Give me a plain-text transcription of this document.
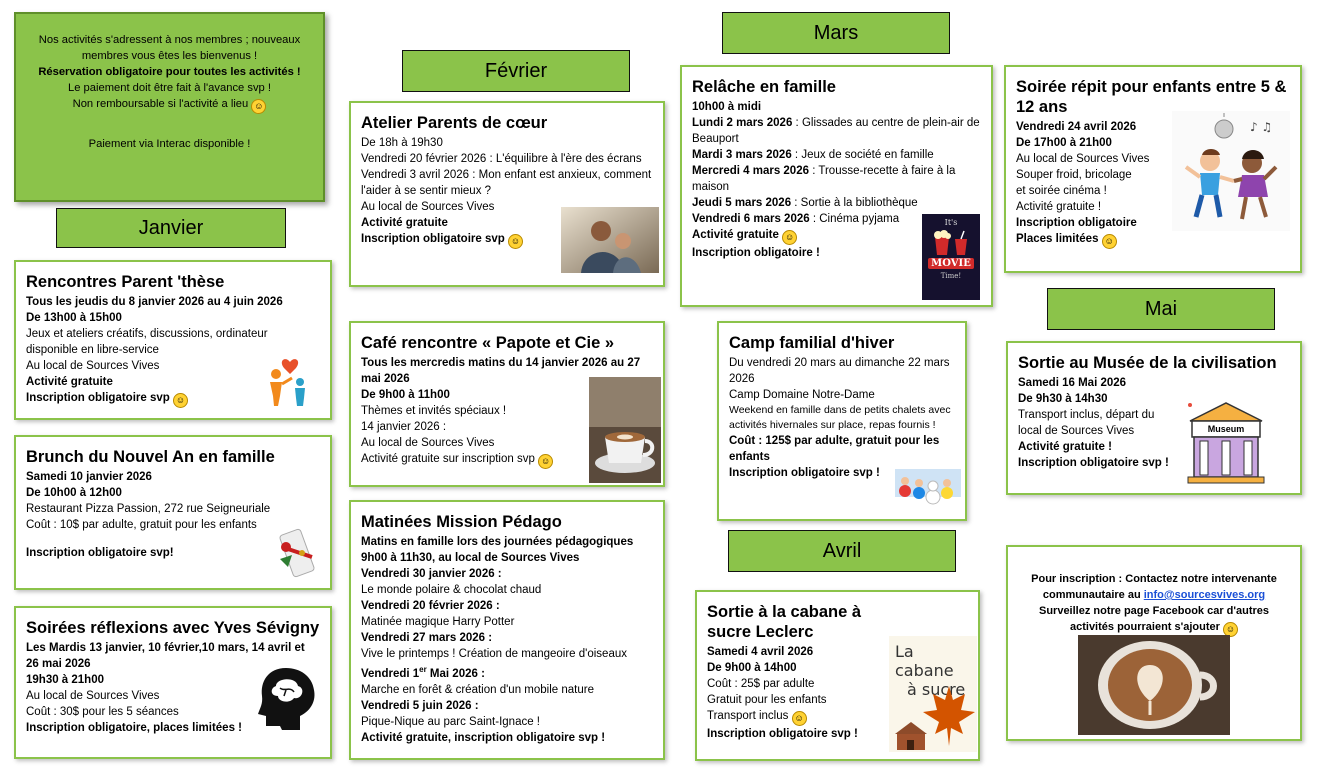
Nos activités s'adressent à nos membres ; nouveaux membres vous êtes les bienvenus !
Réservation obligatoire pour toutes les activités !
Le paiement doit être fait à l'avance svp !
Non remboursable si l'activité a lieu ☺
Paiement via Interac disponible !
Janvier
Février
Mars
Avril
Mai
Rencontres Parent 'thèse
Tous les jeudis du 8 janvier 2026 au 4 juin 2026
De 13h00 à 15h00
Jeux et ateliers créatifs, discussions, ordinateur disponible en libre-service
Au local de Sources Vives
Activité gratuite
Inscription obligatoire svp ☺
Brunch du Nouvel An en famille
Samedi 10 janvier 2026
De 10h00 à 12h00
Restaurant Pizza Passion, 272 rue Seigneuriale
Coût : 10$ par adulte, gratuit pour les enfants
Inscription obligatoire svp!
Soirées réflexions avec Yves Sévigny
Les Mardis 13 janvier, 10 février,10 mars, 14 avril et 26 mai 2026
19h30 à 21h00
Au local de Sources Vives
Coût : 30$ pour les 5 séances
Inscription obligatoire, places limitées !
Atelier Parents de cœur
De 18h à 19h30
Vendredi 20 février 2026 : L'équilibre à l'ère des écrans
Vendredi 3 avril 2026 : Mon enfant est anxieux, comment l'aider à se sentir mieux ?
Au local de Sources Vives
Activité gratuite
Inscription obligatoire svp ☺
Café rencontre « Papote et Cie »
Tous les mercredis matins du 14 janvier 2026 au 27 mai 2026
De 9h00 à 11h00
Thèmes et invités spéciaux !
14 janvier 2026 :
Au local de Sources Vives
Activité gratuite sur inscription svp ☺
Matinées Mission Pédago
Matins en famille lors des journées pédagogiques 9h00 à 11h30, au local de Sources Vives
Vendredi 30 janvier 2026 :
Le monde polaire & chocolat chaud
Vendredi 20 février 2026 :
Matinée magique Harry Potter
Vendredi 27 mars 2026 :
Vive le printemps ! Création de mangeoire d'oiseaux
Vendredi 1er Mai 2026 :
Marche en forêt & création d'un mobile nature
Vendredi 5 juin 2026 :
Pique-Nique au parc Saint-Ignace !
Activité gratuite, inscription obligatoire svp !
Relâche en famille
10h00 à midi
Lundi 2 mars 2026 : Glissades au centre de plein-air de Beauport
Mardi 3 mars 2026 : Jeux de société en famille
Mercredi 4 mars 2026 : Trousse-recette à faire à la maison
Jeudi 5 mars 2026 : Sortie à la bibliothèque
Vendredi 6 mars 2026 : Cinéma pyjama
Activité gratuite ☺
Inscription obligatoire !
It's
MOVIE
Time!
Camp familial d'hiver
Du vendredi 20 mars au dimanche 22 mars 2026
Camp Domaine Notre-Dame
Weekend en famille dans de petits chalets avec activités hivernales sur place, repas fournis !
Coût : 125$ par adulte, gratuit pour les enfants
Inscription obligatoire svp !
Sortie à la cabane à sucre Leclerc
Samedi 4 avril 2026
De 9h00 à 14h00
Coût : 25$ par adulte
Gratuit pour les enfants
Transport inclus ☺
Inscription obligatoire svp !
La cabane
à sucre
Soirée répit pour enfants entre 5 & 12 ans
Vendredi 24 avril 2026
De 17h00 à 21h00
Au local de Sources Vives
Souper froid, bricolage et soirée cinéma !
Activité gratuite !
Inscription obligatoire
Places limitées ☺
♪ ♫
Sortie au Musée de la civilisation
Samedi 16 Mai 2026
De 9h30 à 14h30
Transport inclus, départ du local de Sources Vives
Activité gratuite !
Inscription obligatoire svp !
Museum
Pour inscription : Contactez notre intervenante communautaire au info@sourcesvives.org
Surveillez notre page Facebook car d'autres activités pourraient s'ajouter ☺
